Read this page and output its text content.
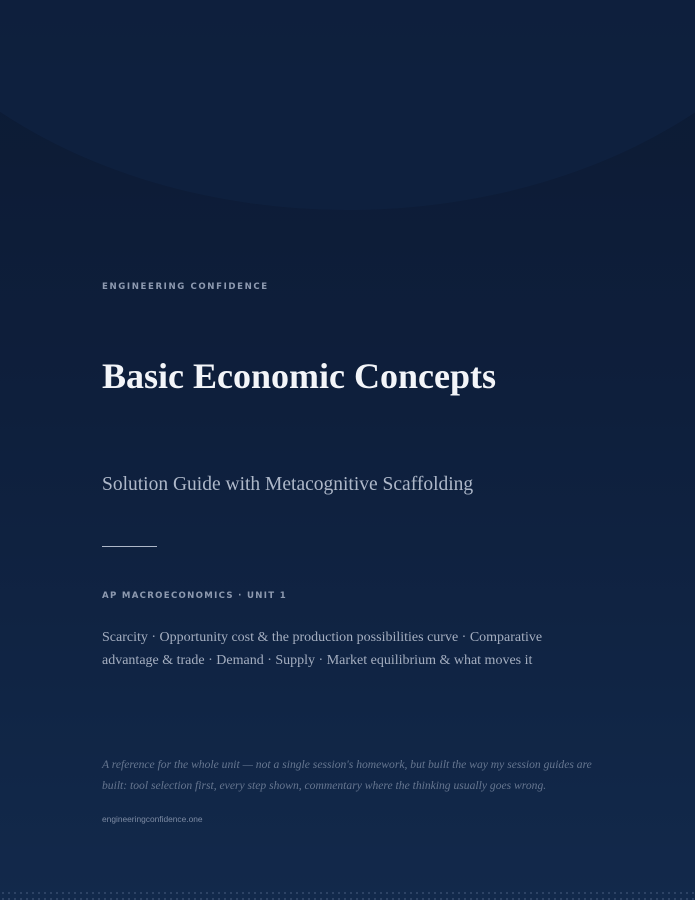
ENGINEERING CONFIDENCE
Basic Economic Concepts
Solution Guide with Metacognitive Scaffolding
AP MACROECONOMICS · UNIT 1

Scarcity · Opportunity cost & the production possibilities curve · Comparative advantage & trade · Demand · Supply · Market equilibrium & what moves it

A reference for the whole unit — not a single session's homework, but built the way my session guides are built: tool selection first, every step shown, commentary where the thinking usually goes wrong.

engineeringconfidence.one
